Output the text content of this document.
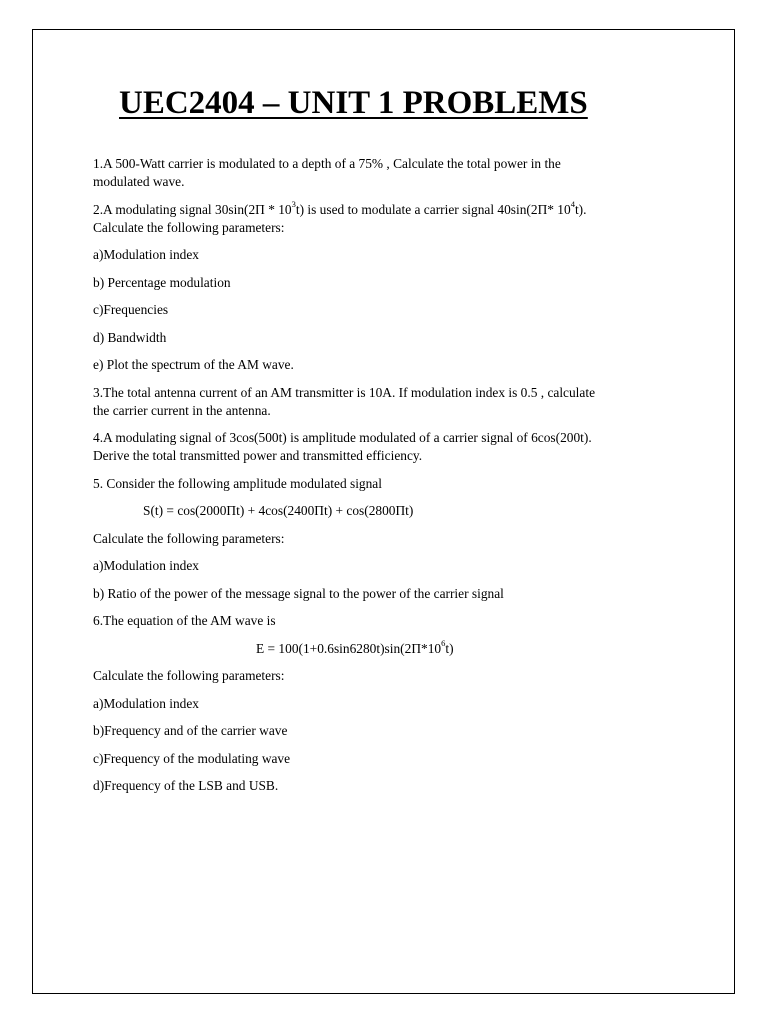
UEC2404 – UNIT 1 PROBLEMS
1.A 500-Watt carrier is modulated to a depth of a 75% , Calculate the total power in the
modulated wave.
2.A modulating signal $30\sin(2\Pi * 10^3t)$ is used to modulate a carrier signal 40sin(2Π* $10^4t$).
Calculate the following parameters:
a)Modulation index
b) Percentage modulation
c)Frequencies
d) Bandwidth
e) Plot the spectrum of the AM wave.
3.The total antenna current of an AM transmitter is 10A. If modulation index is 0.5 , calculate
the carrier current in the antenna.
4.A modulating signal of 3cos(500t) is amplitude modulated of a carrier signal of 6cos(200t).
Derive the total transmitted power and transmitted efficiency.
5. Consider the following amplitude modulated signal
S(t) = cos(2000Πt) + 4cos(2400Πt) + cos(2800Πt)
Calculate the following parameters:
a)Modulation index
b) Ratio of the power of the message signal to the power of the carrier signal
6.The equation of the AM wave is
$E = 100(1+0.6\sin 6280t)\sin(2\Pi*10^6t)$
Calculate the following parameters:
a)Modulation index
b)Frequency and of the carrier wave
c)Frequency of the modulating wave
d)Frequency of the LSB and USB.
